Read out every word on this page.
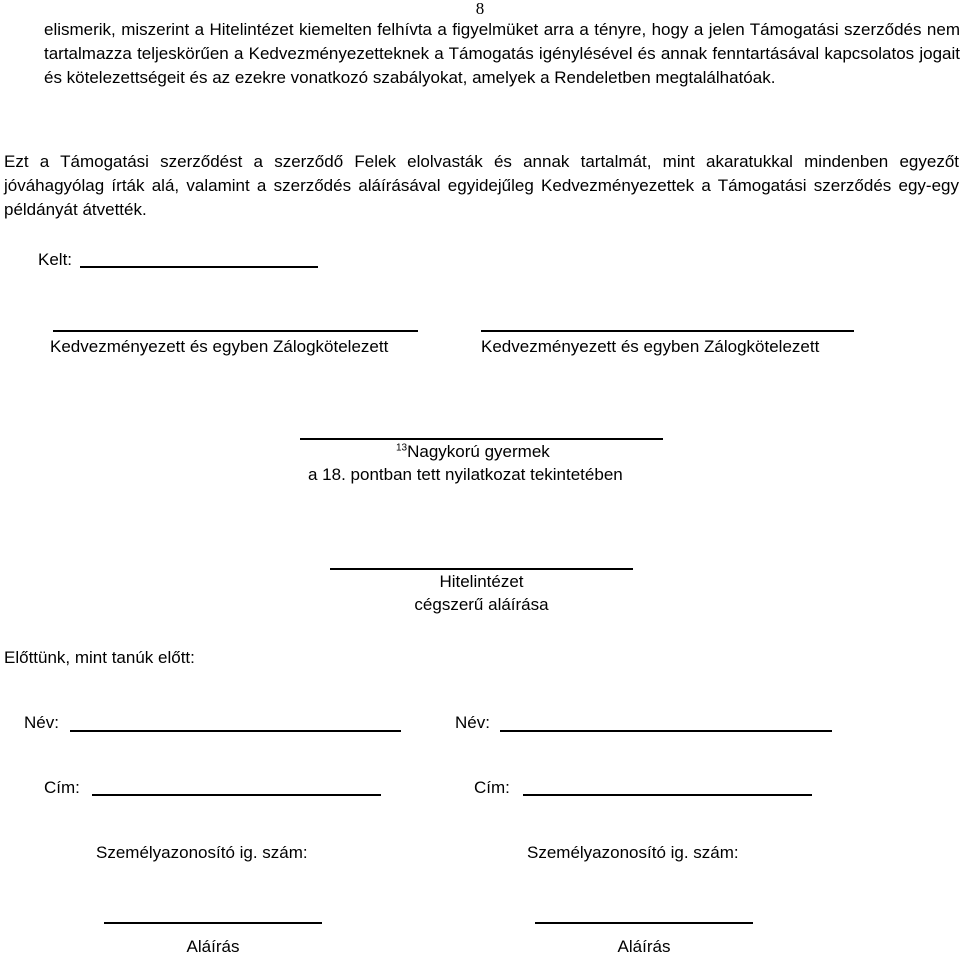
8
elismerik, miszerint a Hitelintézet kiemelten felhívta a figyelmüket arra a tényre, hogy a jelen Támogatási szerződés nem tartalmazza teljeskörűen a Kedvezményezetteknek a Támogatás igénylésével és annak fenntartásával kapcsolatos jogait és kötelezettségeit és az ezekre vonatkozó szabályokat, amelyek a Rendeletben megtalálhatóak.
Ezt a Támogatási szerződést a szerződő Felek elolvasták és annak tartalmát, mint akaratukkal mindenben egyezőt jóváhagyólag írták alá, valamint a szerződés aláírásával egyidejűleg Kedvezményezettek a Támogatási szerződés egy-egy példányát átvették.
Kelt:
Kedvezményezett és egyben Zálogkötelezett	Kedvezményezett és egyben Zálogkötelezett
$^{13}$Nagykorú gyermek
a 18. pontban tett nyilatkozat tekintetében
Hitelintézet
cégszerű aláírása
Előttünk, mint tanúk előtt:
Név:	Név:
Cím:	Cím:
Személyazonosító ig. szám:	Személyazonosító ig. szám:
Aláírás	Aláírás
